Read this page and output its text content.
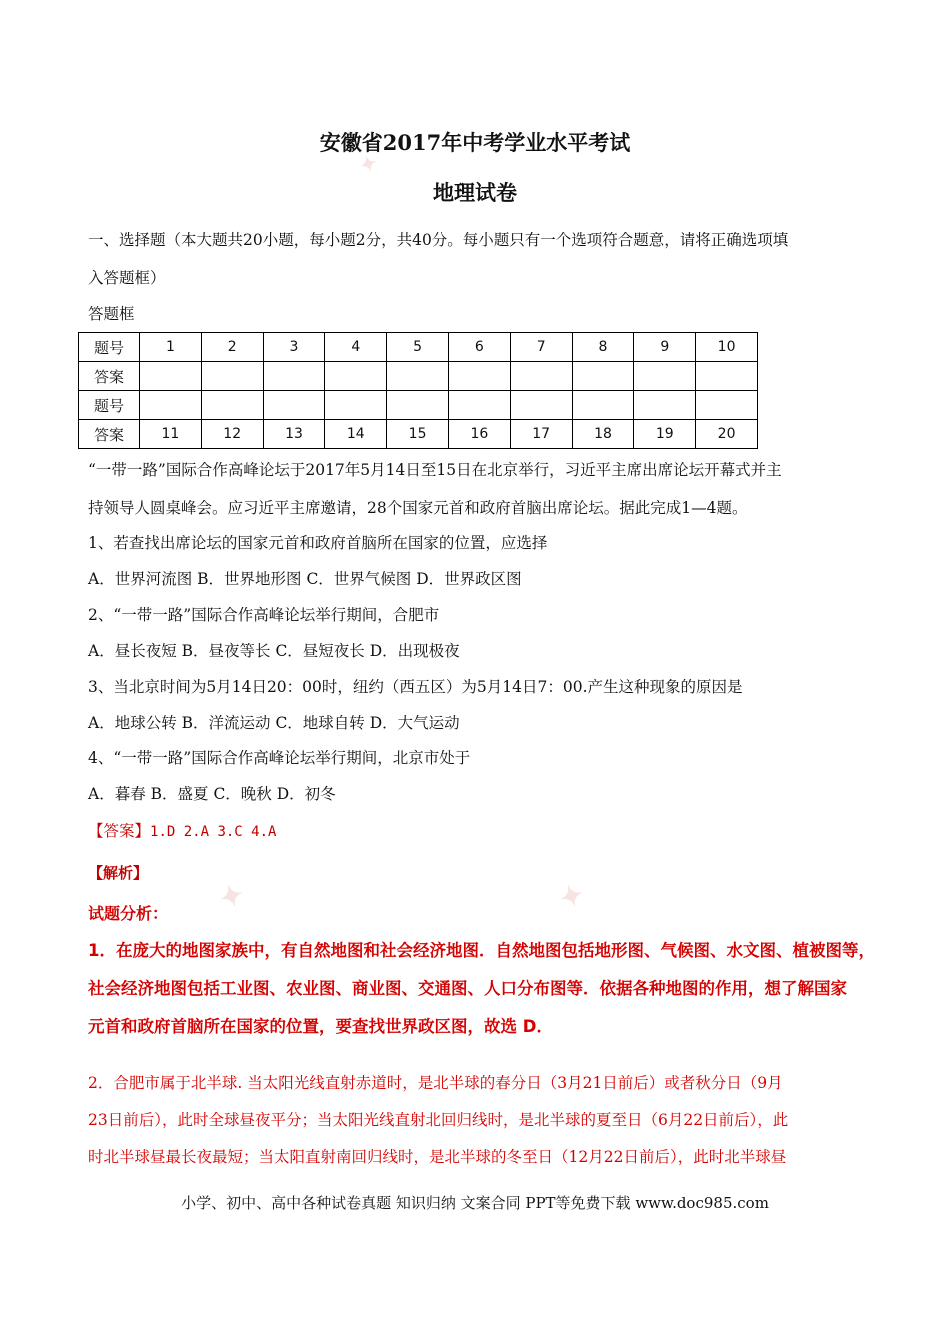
安徽省2017年中考学业水平考试
地理试卷
一、选择题（本大题共20小题，每小题2分，共40分。每小题只有一个选项符合题意，请将正确选项填
入答题框）
答题框
题号	1	2	3	4	5	6	7	8	9	10
答案										
题号										
答案	11	12	13	14	15	16	17	18	19	20
“一带一路”国际合作高峰论坛于2017年5月14日至15日在北京举行，习近平主席出席论坛开幕式并主
持领导人圆桌峰会。应习近平主席邀请，28个国家元首和政府首脑出席论坛。据此完成1—4题。
1、若查找出席论坛的国家元首和政府首脑所在国家的位置，应选择
A．世界河流图 B．世界地形图 C．世界气候图 D．世界政区图
2、“一带一路”国际合作高峰论坛举行期间，合肥市
A．昼长夜短 B．昼夜等长 C．昼短夜长 D．出现极夜
3、当北京时间为5月14日20：00时，纽约（西五区）为5月14日7：00.产生这种现象的原因是
A．地球公转 B．洋流运动 C．地球自转 D．大气运动
4、“一带一路”国际合作高峰论坛举行期间，北京市处于
A．暮春 B．盛夏 C．晚秋 D．初冬
【答案】1.D 2.A 3.C 4.A
✦
✦	✦
【解析】
试题分析：
1．在庞大的地图家族中，有自然地图和社会经济地图．自然地图包括地形图、气候图、水文图、植被图等，
社会经济地图包括工业图、农业图、商业图、交通图、人口分布图等．依据各种地图的作用，想了解国家
元首和政府首脑所在国家的位置，要查找世界政区图，故选 D．
2．合肥市属于北半球. 当太阳光线直射赤道时，是北半球的春分日（3月21日前后）或者秋分日（9月
23日前后），此时全球昼夜平分；当太阳光线直射北回归线时，是北半球的夏至日（6月22日前后），此
时北半球昼最长夜最短；当太阳直射南回归线时，是北半球的冬至日（12月22日前后），此时北半球昼
小学、初中、高中各种试卷真题 知识归纳 文案合同 PPT等免费下载 www.doc985.com
